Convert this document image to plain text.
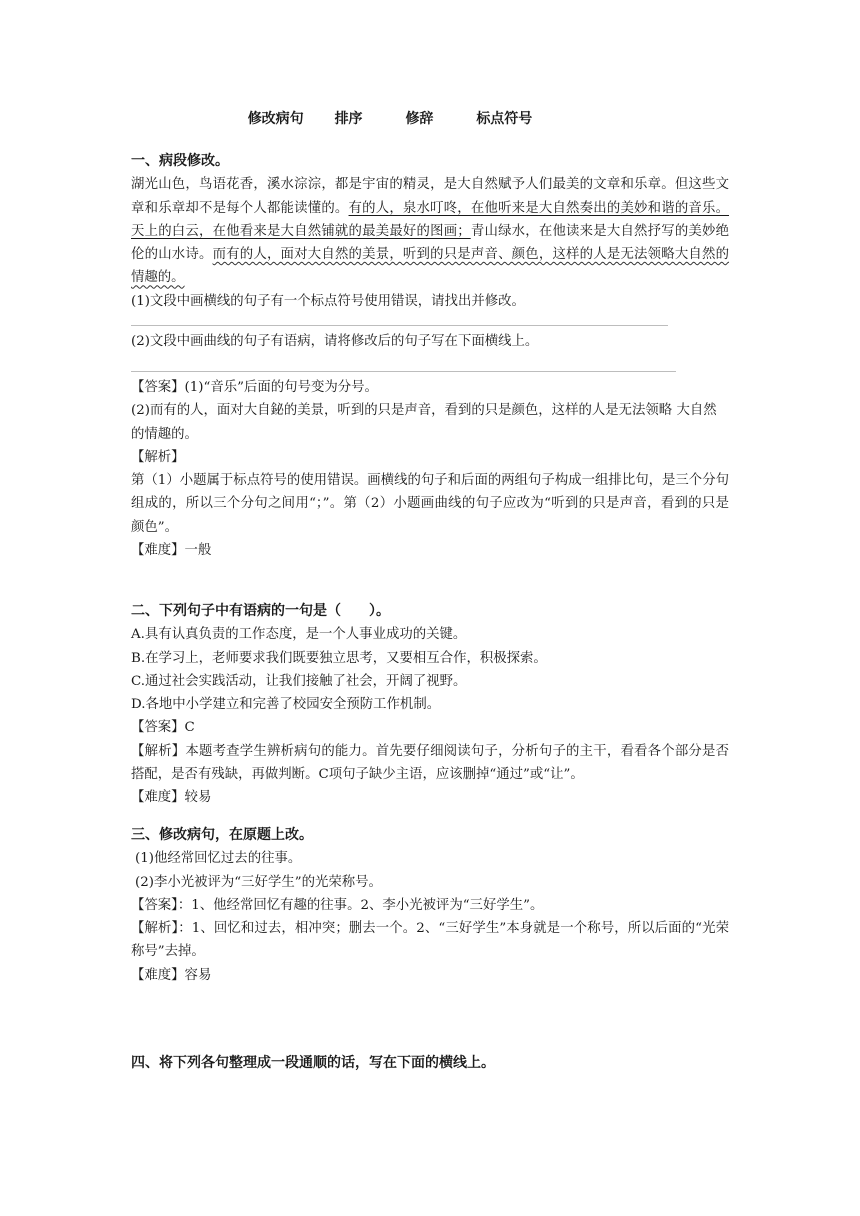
修改病句 排序	修辞	标点符号

一、病段修改。

湖光山色，鸟语花香，溪水淙淙，都是宇宙的精灵，是大自然赋予人们最美的文章和乐章。但这些文章和乐章却不是每个人都能读懂的。有的人，泉水叮咚，在他听来是大自然奏出的美妙和谐的音乐。天上的白云，在他看来是大自然铺就的最美最好的图画；青山绿水，在他读来是大自然抒写的美妙绝伦的山水诗。而有的人，面对大自然的美景，听到的只是声音、颜色，这样的人是无法领略大自然的情趣的。

(1)文段中画横线的句子有一个标点符号使用错误，请找出并修改。

(2)文段中画曲线的句子有语病，请将修改后的句子写在下面横线上。

【答案】(1)“音乐”后面的句号变为分号。

(2)而有的人，面对大自鉍的美景，听到的只是声音，看到的只是颜色，这样的人是无法领略 大自然的情趣的。

【解析】

第（1）小题属于标点符号的使用错误。画横线的句子和后面的两组句子构成一组排比句，是三个分句组成的，所以三个分句之间用“；”。第（2）小题画曲线的句子应改为“听到的只是声音，看到的只是颜色”。

【难度】一般

二、下列句子中有语病的一句是（　　）。

A.具有认真负责的工作态度，是一个人事业成功的关键。

B.在学习上，老师要求我们既要独立思考，又要相互合作，积极探索。

C.通过社会实践活动，让我们接触了社会，开阔了视野。

D.各地中小学建立和完善了校园安全预防工作机制。

【答案】C

【解析】本题考查学生辨析病句的能力。首先要仔细阅读句子，分析句子的主干，看看各个部分是否搭配，是否有残缺，再做判断。C项句子缺少主语，应该删掉“通过”或“让”。

【难度】较易

三、修改病句，在原题上改。

(1)他经常回忆过去的往事。

(2)李小光被评为“三好学生”的光荣称号。

【答案】：1、他经常回忆有趣的往事。2、李小光被评为“三好学生”。

【解析】：1、回忆和过去，相冲突；删去一个。2、“三好学生”本身就是一个称号，所以后面的“光荣称号”去掉。

【难度】容易

四、将下列各句整理成一段通顺的话，写在下面的横线上。
